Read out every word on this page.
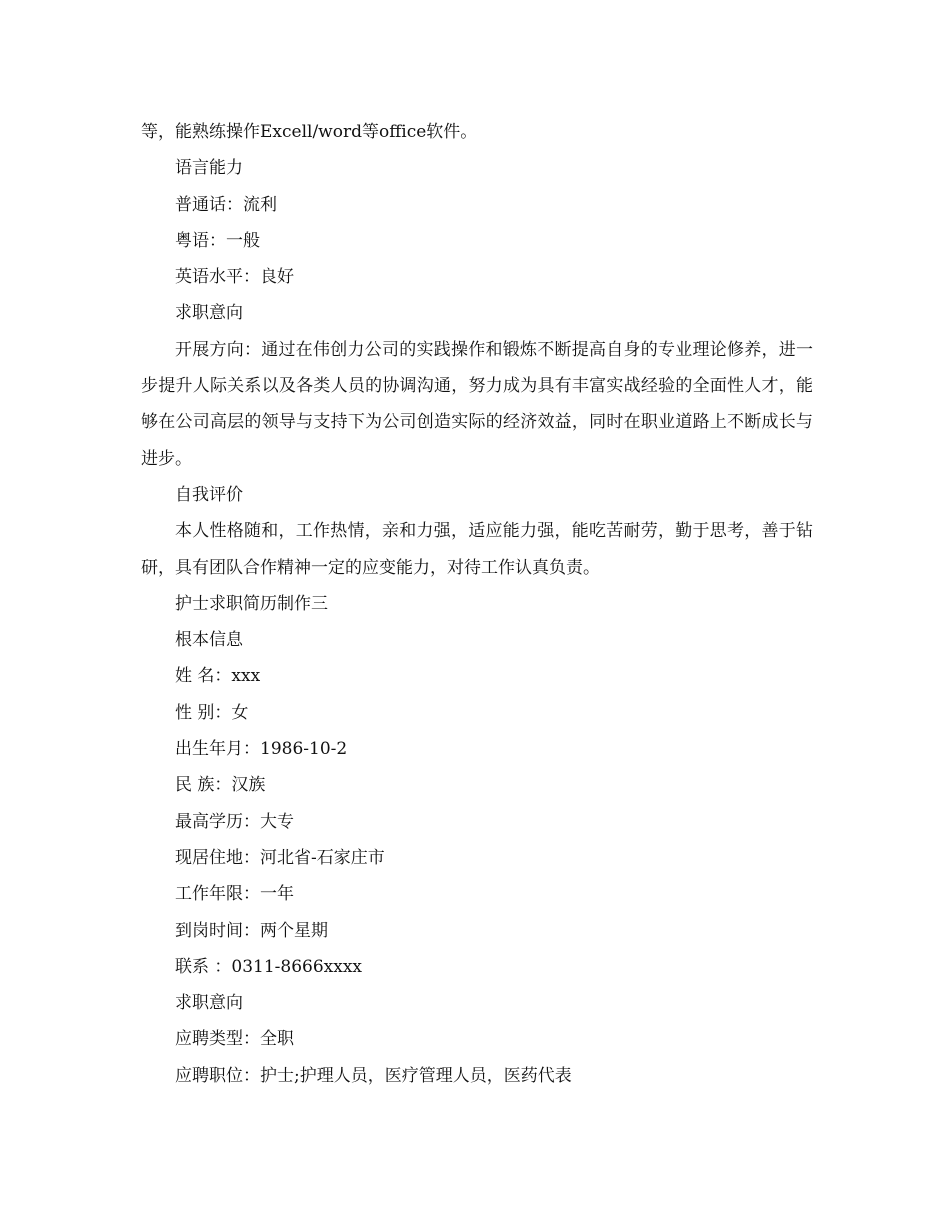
等，能熟练操作Excell/word等office软件。

语言能力

普通话：流利

粤语：一般

英语水平：良好

求职意向

开展方向：通过在伟创力公司的实践操作和锻炼不断提高自身的专业理论修养，进一步提升人际关系以及各类人员的协调沟通，努力成为具有丰富实战经验的全面性人才，能够在公司高层的领导与支持下为公司创造实际的经济效益，同时在职业道路上不断成长与进步。

自我评价

本人性格随和，工作热情，亲和力强，适应能力强，能吃苦耐劳，勤于思考，善于钻研，具有团队合作精神一定的应变能力，对待工作认真负责。

护士求职简历制作三

根本信息

姓 名：xxx

性 别：女

出生年月：1986-10-2

民 族：汉族

最高学历：大专

现居住地：河北省-石家庄市

工作年限：一年

到岗时间：两个星期

联系 ：0311-8666xxxx

求职意向

应聘类型：全职

应聘职位：护士;护理人员，医疗管理人员，医药代表
